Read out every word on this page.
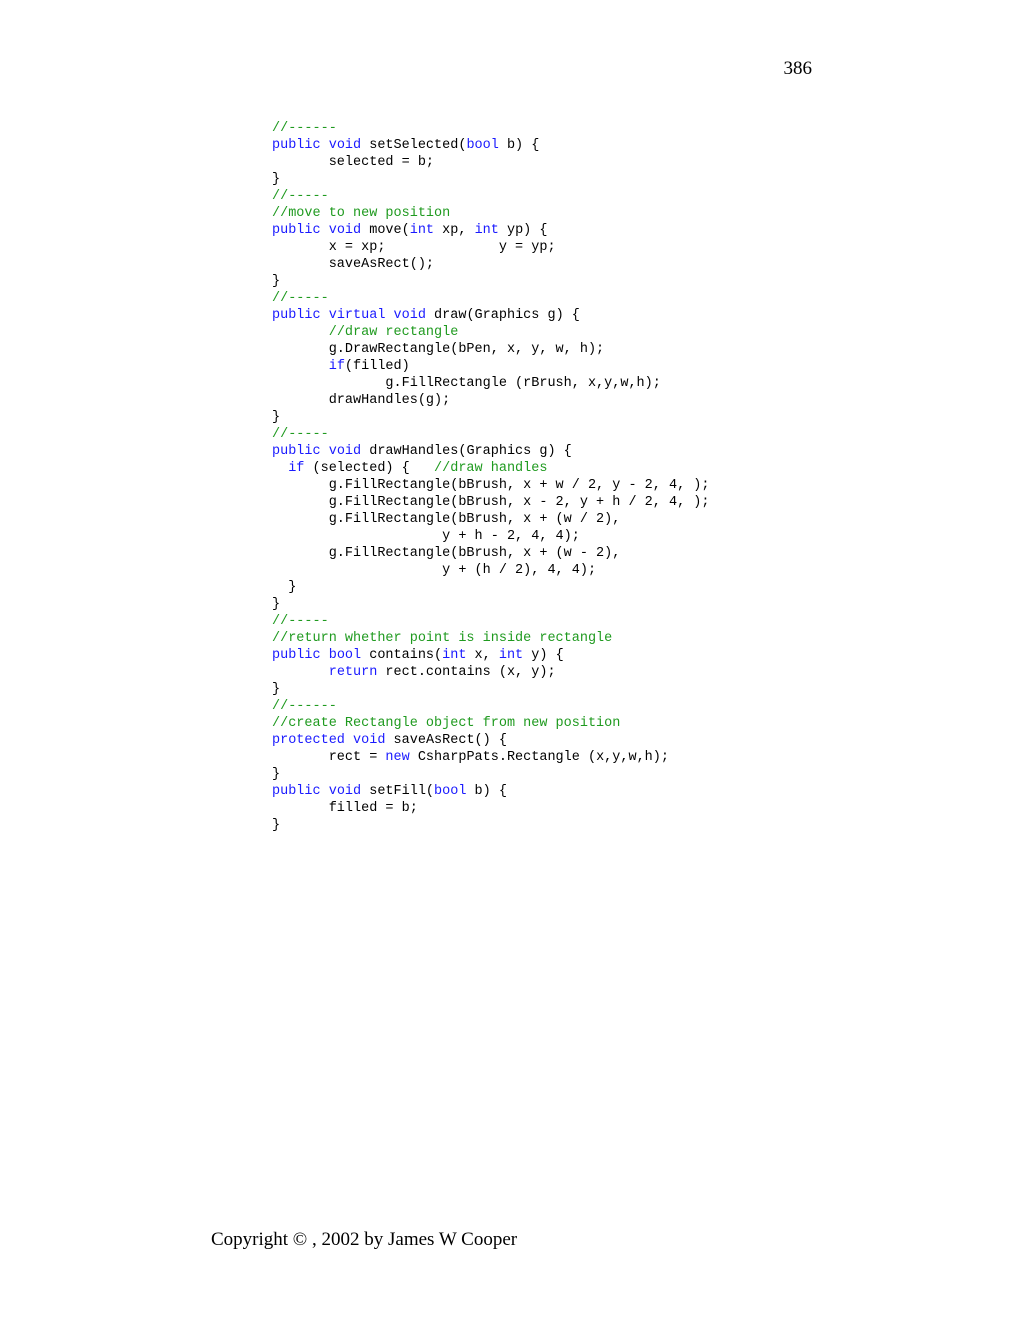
386
//------
public void setSelected(bool b) {
selected = b;
}
//-----
//move to new position
public void move(int xp, int yp) {
x = xp;              y = yp;
saveAsRect();
}
//-----
public virtual void draw(Graphics g) {
//draw rectangle
g.DrawRectangle(bPen, x, y, w, h);
if(filled)
g.FillRectangle (rBrush, x,y,w,h);
drawHandles(g);
}
//-----
public void drawHandles(Graphics g) {
if (selected) {   //draw handles
g.FillRectangle(bBrush, x + w / 2, y - 2, 4, );
g.FillRectangle(bBrush, x - 2, y + h / 2, 4, );
g.FillRectangle(bBrush, x + (w / 2),
y + h - 2, 4, 4);
g.FillRectangle(bBrush, x + (w - 2),
y + (h / 2), 4, 4);
}
}
//-----
//return whether point is inside rectangle
public bool contains(int x, int y) {
return rect.contains (x, y);
}
//------
//create Rectangle object from new position
protected void saveAsRect() {
rect = new CsharpPats.Rectangle (x,y,w,h);
}
public void setFill(bool b) {
filled = b;
}
Copyright © , 2002 by James W Cooper
